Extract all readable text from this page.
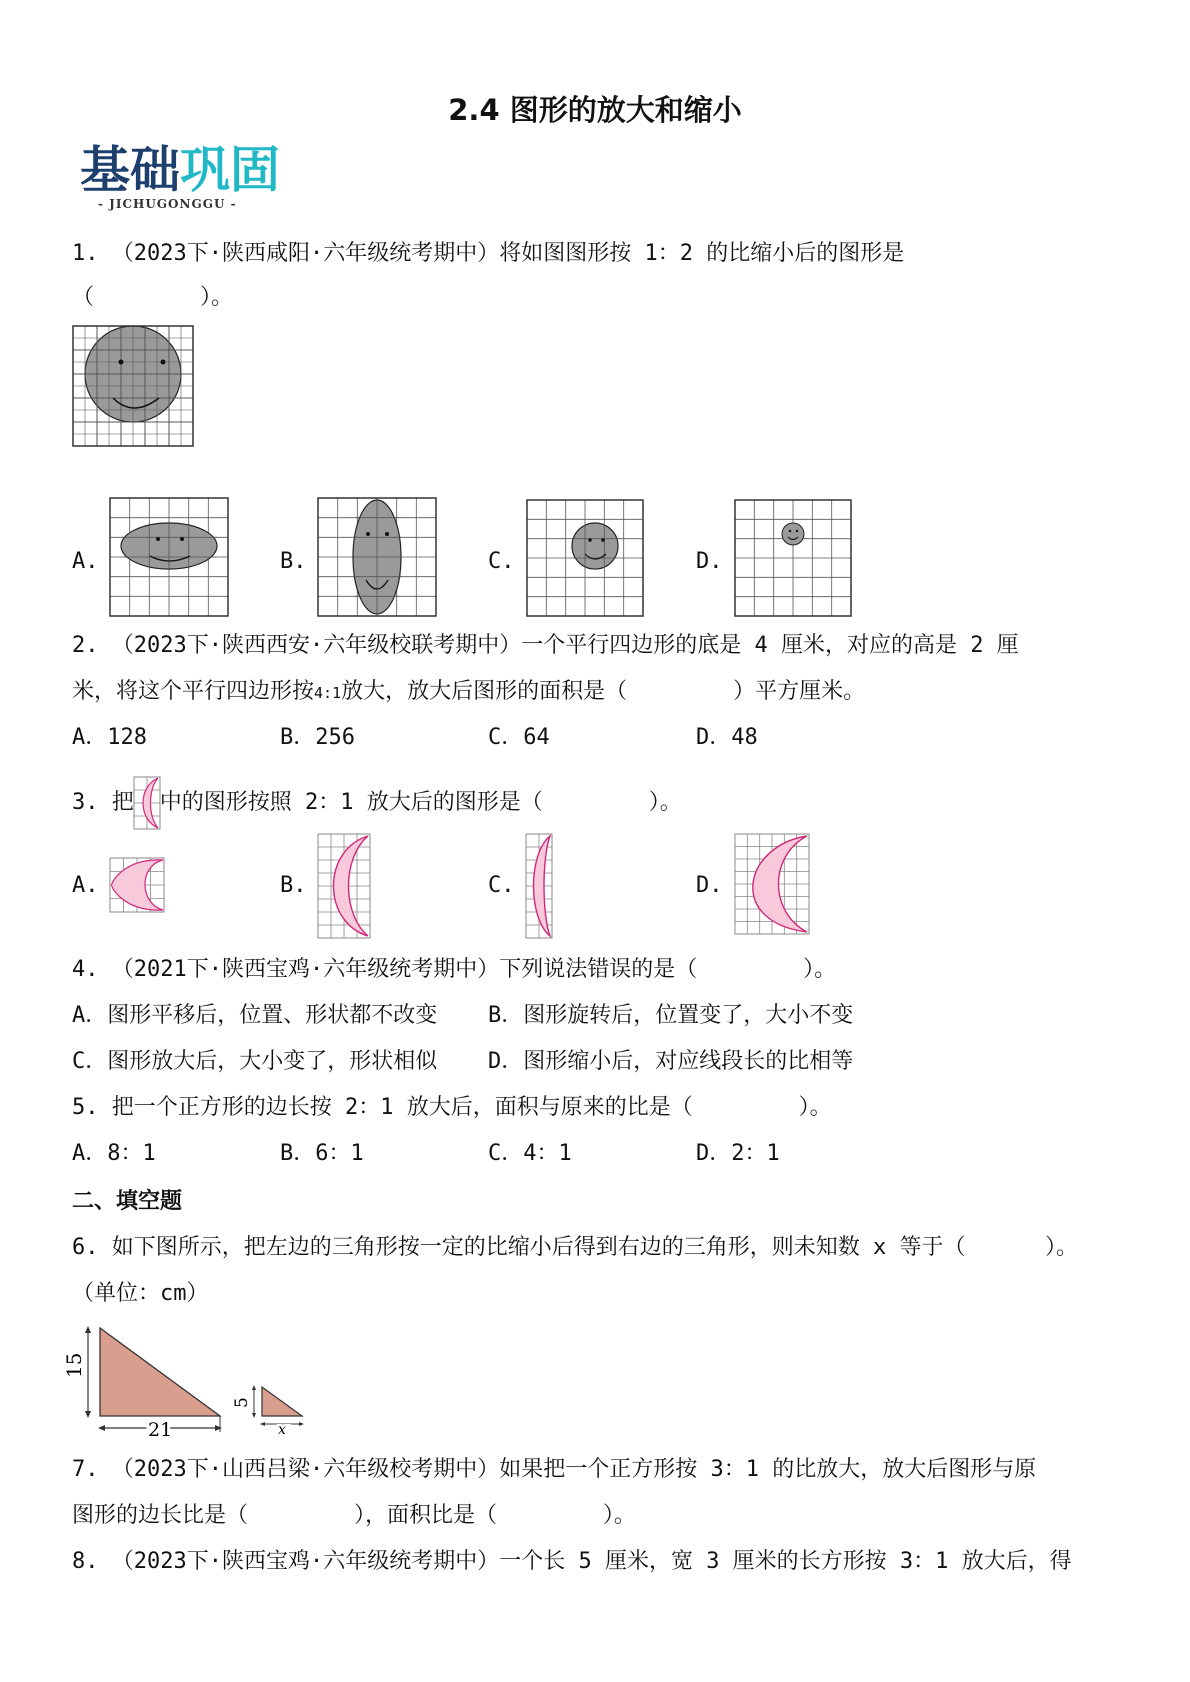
2.4 图形的放大和缩小
基础巩固
- JICHUGONGGU -
1. （2023下·陕西咸阳·六年级统考期中）将如图图形按 1：2 的比缩小后的图形是
（        ）。
A.	B.	C.	D.
2. （2023下·陕西西安·六年级校联考期中）一个平行四边形的底是 4 厘米，对应的高是 2 厘
米，将这个平行四边形按4:1放大，放大后图形的面积是（        ）平方厘米。
A．128	B．256	C．64	D．48
3. 把 中的图形按照 2：1 放大后的图形是（        ）。
A.	B.	C.	D.
4. （2021下·陕西宝鸡·六年级统考期中）下列说法错误的是（        ）。
A．图形平移后，位置、形状都不改变 B．图形旋转后，位置变了，大小不变
C．图形放大后，大小变了，形状相似 D．图形缩小后，对应线段长的比相等
5. 把一个正方形的边长按 2：1 放大后，面积与原来的比是（        ）。
A．8：1	B．6：1	C．4：1	D．2：1
二、填空题
6. 如下图所示，把左边的三角形按一定的比缩小后得到右边的三角形，则未知数 x 等于（      ）。
（单位：cm）
15
21
5
x
7. （2023下·山西吕梁·六年级校考期中）如果把一个正方形按 3：1 的比放大，放大后图形与原
图形的边长比是（        ），面积比是（        ）。
8. （2023下·陕西宝鸡·六年级统考期中）一个长 5 厘米，宽 3 厘米的长方形按 3：1 放大后，得
